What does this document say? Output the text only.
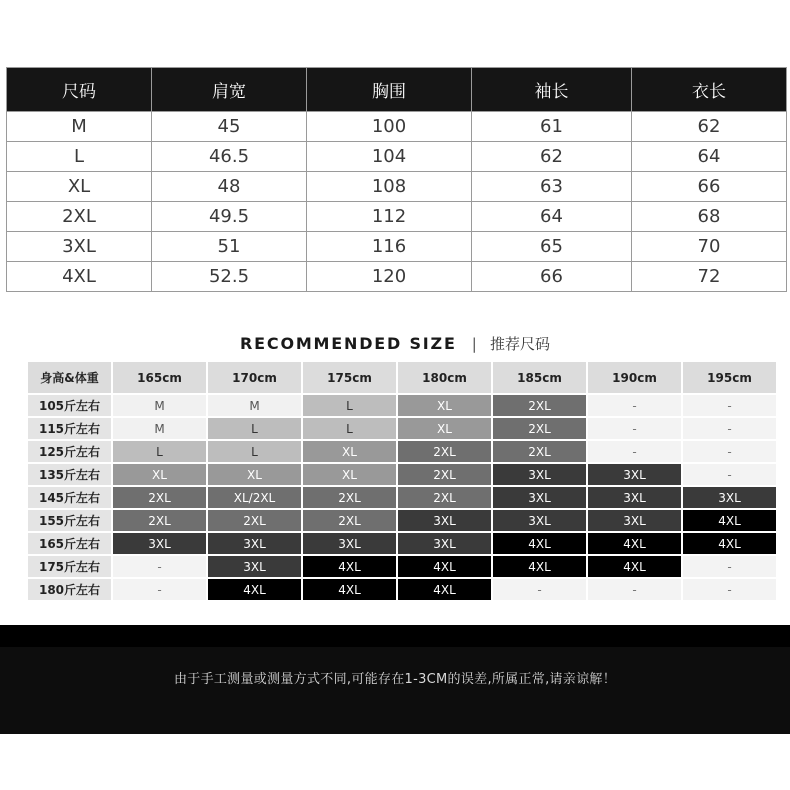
尺码	肩宽	胸围	袖长	衣长
M	45	100	61	62
L	46.5	104	62	64
XL	48	108	63	66
2XL	49.5	112	64	68
3XL	51	116	65	70
4XL	52.5	120	66	72
RECOMMENDED SIZE | 推荐尺码
身高&体重	165cm	170cm	175cm	180cm	185cm	190cm	195cm
105斤左右	M	M	L	XL	2XL	-	-
115斤左右	M	L	L	XL	2XL	-	-
125斤左右	L	L	XL	2XL	2XL	-	-
135斤左右	XL	XL	XL	2XL	3XL	3XL	-
145斤左右	2XL	XL/2XL	2XL	2XL	3XL	3XL	3XL
155斤左右	2XL	2XL	2XL	3XL	3XL	3XL	4XL
165斤左右	3XL	3XL	3XL	3XL	4XL	4XL	4XL
175斤左右	-	3XL	4XL	4XL	4XL	4XL	-
180斤左右	-	4XL	4XL	4XL	-	-	-
由于手工测量或测量方式不同,可能存在1-3CM的误差,所属正常,请亲谅解！
